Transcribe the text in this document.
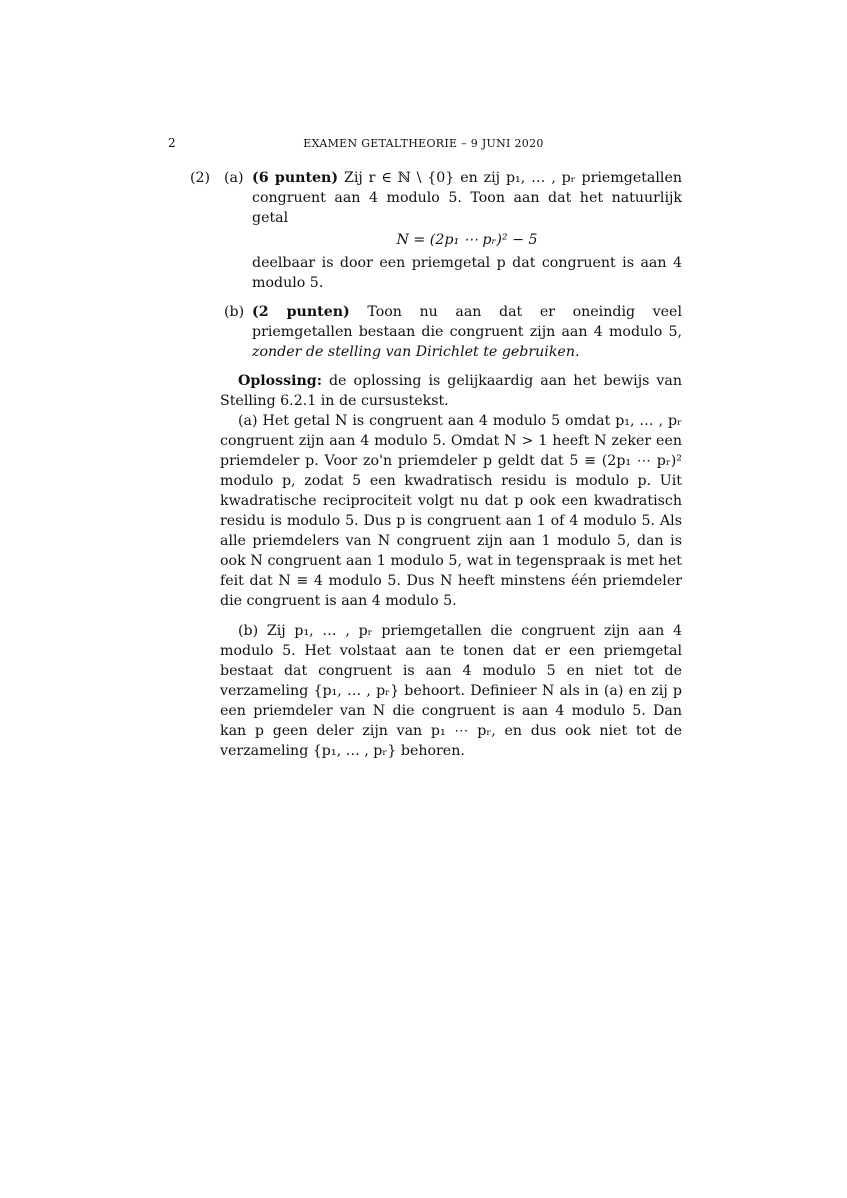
2	EXAMEN GETALTHEORIE – 9 JUNI 2020
(2) (a) (6 punten) Zij r ∈ ℕ \ {0} en zij p₁, … , pᵣ priemgetallen congruent aan 4 modulo 5. Toon aan dat het natuurlijk getal

N = (2p₁ ⋯ pᵣ)² − 5

deelbaar is door een priemgetal p dat congruent is aan 4 modulo 5.

(b) (2 punten) Toon nu aan dat er oneindig veel priemgetallen bestaan die congruent zijn aan 4 modulo 5, zonder de stelling van Dirichlet te gebruiken.

Oplossing: de oplossing is gelijkaardig aan het bewijs van Stelling 6.2.1 in de cursustekst.

(a) Het getal N is congruent aan 4 modulo 5 omdat p₁, … , pᵣ congruent zijn aan 4 modulo 5. Omdat N > 1 heeft N zeker een priemdeler p. Voor zo'n priemdeler p geldt dat 5 ≡ (2p₁ ⋯ pᵣ)² modulo p, zodat 5 een kwadratisch residu is modulo p. Uit kwadratische reciprociteit volgt nu dat p ook een kwadratisch residu is modulo 5. Dus p is congruent aan 1 of 4 modulo 5. Als alle priemdelers van N congruent zijn aan 1 modulo 5, dan is ook N congruent aan 1 modulo 5, wat in tegenspraak is met het feit dat N ≡ 4 modulo 5. Dus N heeft minstens één priemdeler die congruent is aan 4 modulo 5.

(b) Zij p₁, … , pᵣ priemgetallen die congruent zijn aan 4 modulo 5. Het volstaat aan te tonen dat er een priemgetal bestaat dat congruent is aan 4 modulo 5 en niet tot de verzameling {p₁, … , pᵣ} behoort. Definieer N als in (a) en zij p een priemdeler van N die congruent is aan 4 modulo 5. Dan kan p geen deler zijn van p₁ ⋯ pᵣ, en dus ook niet tot de verzameling {p₁, … , pᵣ} behoren.
